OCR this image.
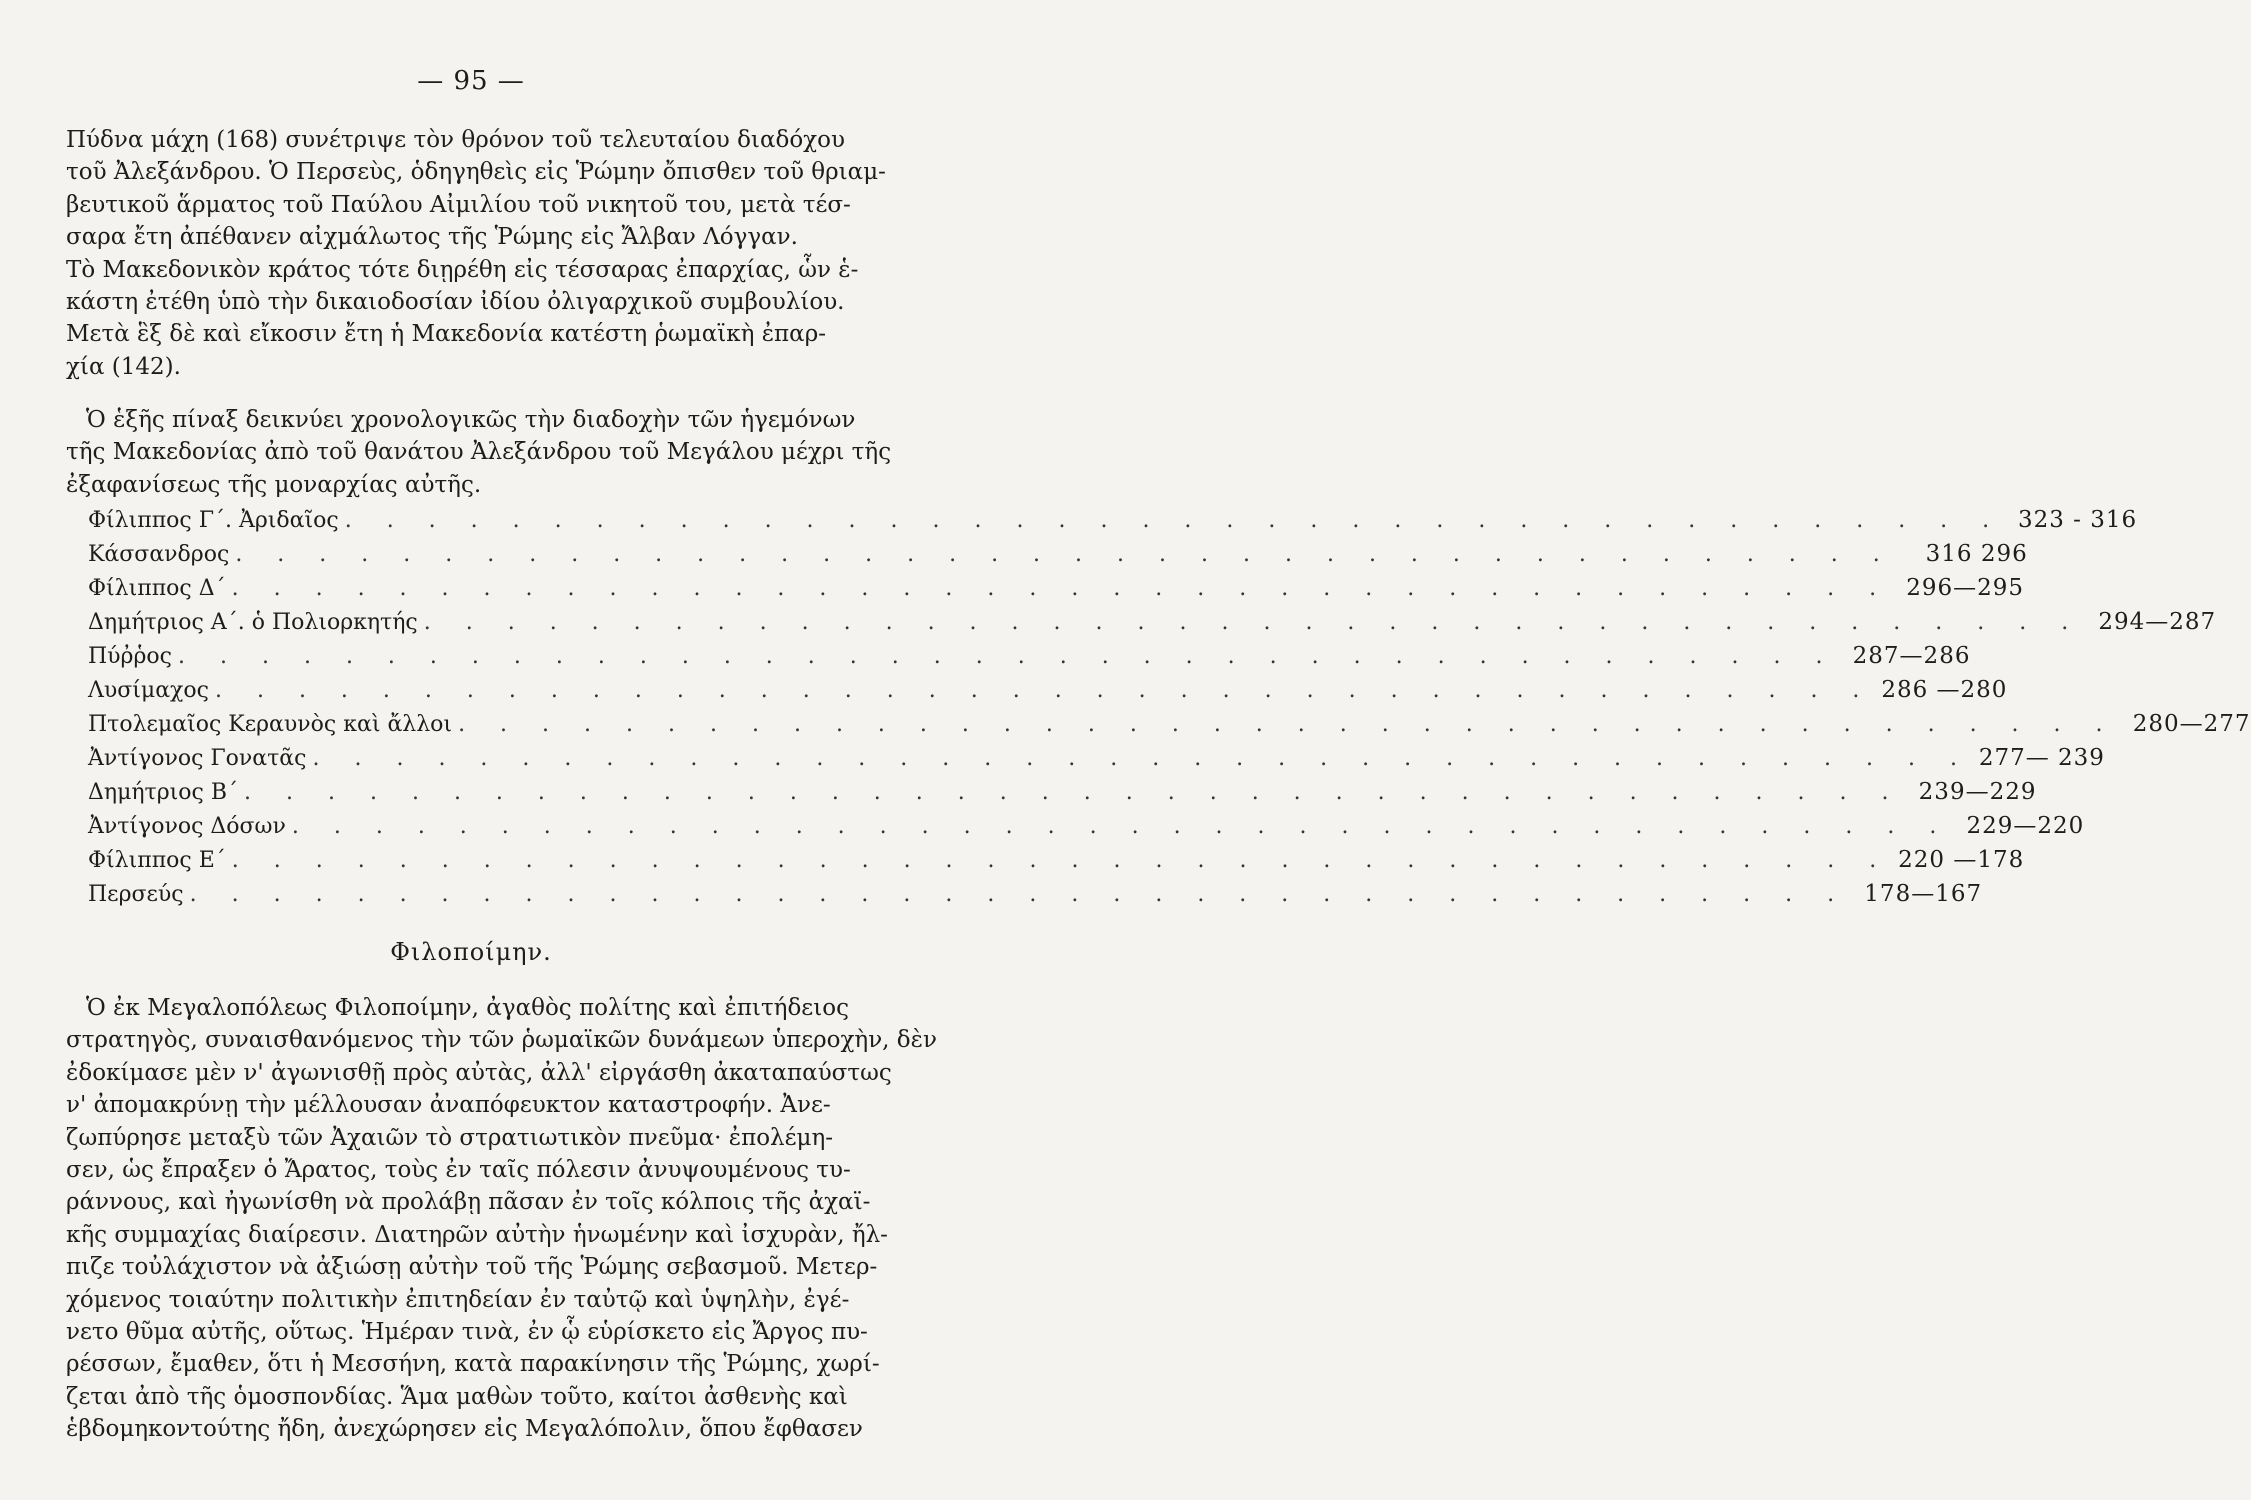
— 95 —

Πύδνα μάχη (168) συνέτριψε τὸν θρόνον τοῦ τελευταίου διαδόχου
τοῦ Ἀλεξάνδρου. Ὁ Περσεὺς, ὁδηγηθεὶς εἰς Ῥώμην ὄπισθεν τοῦ θριαμ-
βευτικοῦ ἅρματος τοῦ Παύλου Αἰμιλίου τοῦ νικητοῦ του, μετὰ τέσ-
σαρα ἔτη ἀπέθανεν αἰχμάλωτος τῆς Ῥώμης εἰς Ἄλβαν Λόγγαν.
Τὸ Μακεδονικὸν κράτος τότε διῃρέθη εἰς τέσσαρας ἐπαρχίας, ὧν ἑ-
κάστη ἐτέθη ὑπὸ τὴν δικαιοδοσίαν ἰδίου ὀλιγαρχικοῦ συμβουλίου.
Μετὰ ἓξ δὲ καὶ εἴκοσιν ἔτη ἡ Μακεδονία κατέστη ῥωμαϊκὴ ἐπαρ-
χία (142).

Ὁ ἑξῆς πίναξ δεικνύει χρονολογικῶς τὴν διαδοχὴν τῶν ἡγεμόνων
τῆς Μακεδονίας ἀπὸ τοῦ θανάτου Ἀλεξάνδρου τοῦ Μεγάλου μέχρι τῆς
ἐξαφανίσεως τῆς μοναρχίας αὐτῆς.

Φίλιππος Γ΄. Ἀριδαῖος . . .	323 - 316
Κάσσανδρος . . .	316 296
Φίλιππος Δ΄ . . .	296—295
Δημήτριος Α΄. ὁ Πολιορκητής . . .	294—287
Πύῤῥος . . .	287—286
Λυσίμαχος . . .	286 —280
Πτολεμαῖος Κεραυνὸς καὶ ἄλλοι . . .	280—277
Ἀντίγονος Γονατᾶς . . .	277— 239
Δημήτριος Β΄ . . .	239—229
Ἀντίγονος Δόσων . . .	229—220
Φίλιππος Ε΄ . . .	220 —178
Περσεύς . . .	178—167
Φιλοποίμην.

Ὁ ἐκ Μεγαλοπόλεως Φιλοποίμην, ἀγαθὸς πολίτης καὶ ἐπιτήδειος
στρατηγὸς, συναισθανόμενος τὴν τῶν ῥωμαϊκῶν δυνάμεων ὑπεροχὴν, δὲν
ἐδοκίμασε μὲν ν' ἀγωνισθῇ πρὸς αὐτὰς, ἀλλ' εἰργάσθη ἀκαταπαύστως
ν' ἀπομακρύνῃ τὴν μέλλουσαν ἀναπόφευκτον καταστροφήν. Ἀνε-
ζωπύρησε μεταξὺ τῶν Ἀχαιῶν τὸ στρατιωτικὸν πνεῦμα· ἐπολέμη-
σεν, ὡς ἔπραξεν ὁ Ἄρατος, τοὺς ἐν ταῖς πόλεσιν ἀνυψουμένους τυ-
ράννους, καὶ ἠγωνίσθη νὰ προλάβῃ πᾶσαν ἐν τοῖς κόλποις τῆς ἀχαϊ-
κῆς συμμαχίας διαίρεσιν. Διατηρῶν αὐτὴν ἡνωμένην καὶ ἰσχυρὰν, ἤλ-
πιζε τοὐλάχιστον νὰ ἀξιώσῃ αὐτὴν τοῦ τῆς Ῥώμης σεβασμοῦ. Μετερ-
χόμενος τοιαύτην πολιτικὴν ἐπιτηδείαν ἐν ταὐτῷ καὶ ὑψηλὴν, ἐγέ-
νετο θῦμα αὐτῆς, οὕτως. Ἡμέραν τινὰ, ἐν ᾧ εὑρίσκετο εἰς Ἄργος πυ-
ρέσσων, ἔμαθεν, ὅτι ἡ Μεσσήνη, κατὰ παρακίνησιν τῆς Ῥώμης, χωρί-
ζεται ἀπὸ τῆς ὁμοσπονδίας. Ἅμα μαθὼν τοῦτο, καίτοι ἀσθενὴς καὶ
ἑβδομηκοντούτης ἤδη, ἀνεχώρησεν εἰς Μεγαλόπολιν, ὅπου ἔφθασεν
